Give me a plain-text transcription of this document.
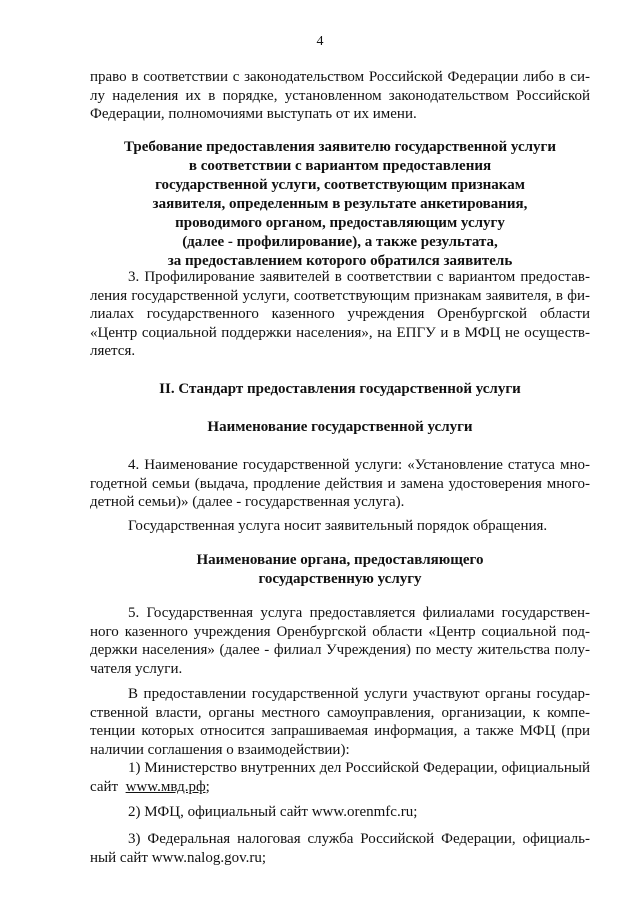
4
право в соответствии с законодательством Российской Федерации либо в си-
лу наделения их в порядке, установленном законодательством Российской
Федерации, полномочиями выступать от их имени.
Требование предоставления заявителю государственной услуги
в соответствии с вариантом предоставления
государственной услуги, соответствующим признакам
заявителя, определенным в результате анкетирования,
проводимого органом, предоставляющим услугу
(далее - профилирование), а также результата,
за предоставлением которого обратился заявитель
3. Профилирование заявителей в соответствии с вариантом предостав-
ления государственной услуги, соответствующим признакам заявителя, в фи-
лиалах государственного казенного учреждения Оренбургской области
«Центр социальной поддержки населения», на ЕПГУ и в МФЦ не осуществ-
ляется.
II. Стандарт предоставления государственной услуги
Наименование государственной услуги
4. Наименование государственной услуги: «Установление статуса мно-
годетной семьи (выдача, продление действия и замена удостоверения много-
детной семьи)» (далее - государственная услуга).
Государственная услуга носит заявительный порядок обращения.
Наименование органа, предоставляющего
государственную услугу
5. Государственная услуга предоставляется филиалами государствен-
ного казенного учреждения Оренбургской области «Центр социальной под-
держки населения» (далее - филиал Учреждения) по месту жительства полу-
чателя услуги.
В предоставлении государственной услуги участвуют органы государ-
ственной власти, органы местного самоуправления, организации, к компе-
тенции которых относится запрашиваемая информация, а также МФЦ (при
наличии соглашения о взаимодействии):
1) Министерство внутренних дел Российской Федерации, официальный
сайт www.мвд.рф;
2) МФЦ, официальный сайт www.orenmfc.ru;
3) Федеральная налоговая служба Российской Федерации, официаль-
ный сайт www.nalog.gov.ru;
